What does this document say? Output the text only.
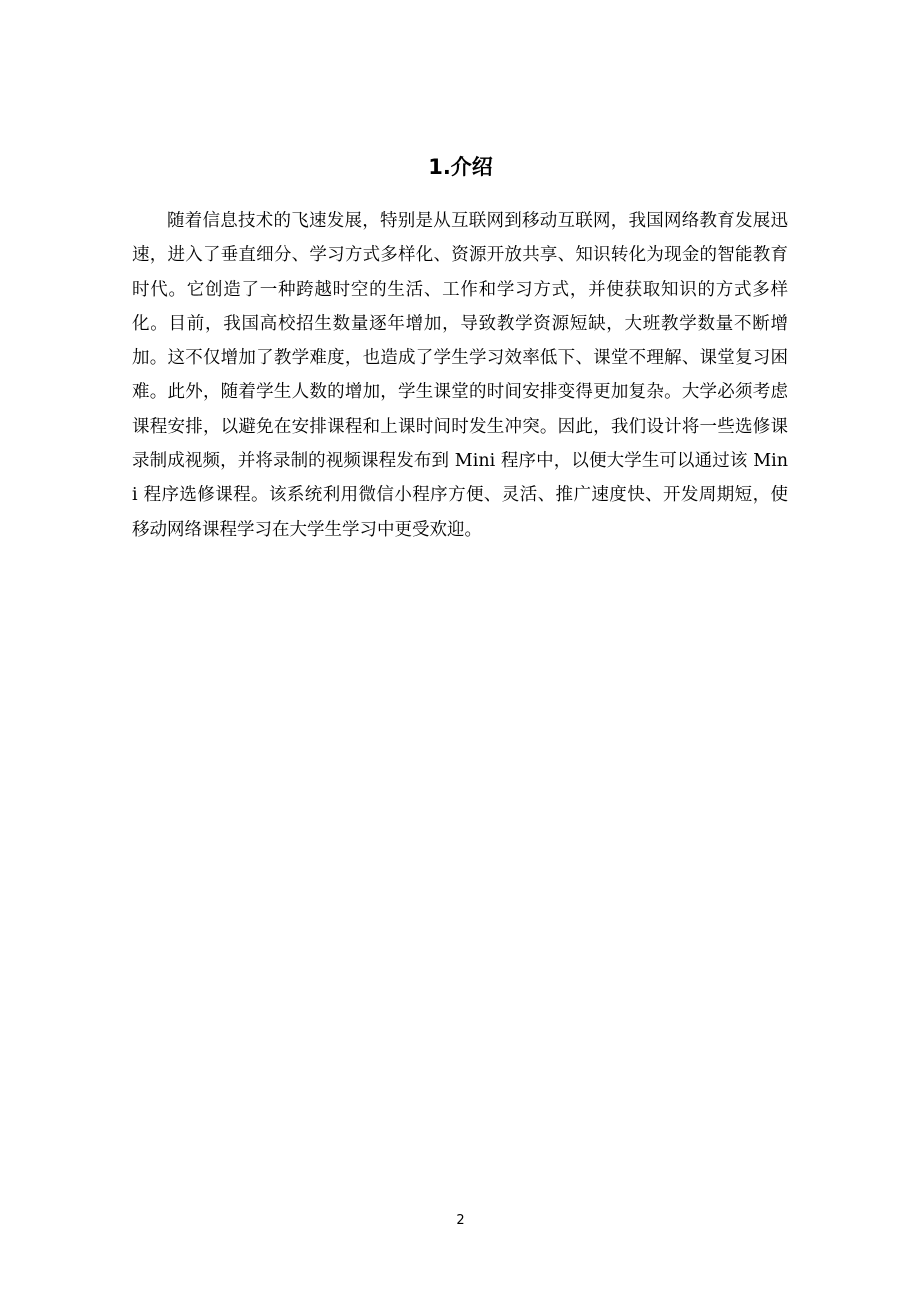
1.介绍

随着信息技术的飞速发展，特别是从互联网到移动互联网，我国网络教育发展迅速，进入了垂直细分、学习方式多样化、资源开放共享、知识转化为现金的智能教育时代。它创造了一种跨越时空的生活、工作和学习方式，并使获取知识的方式多样化。目前，我国高校招生数量逐年增加，导致教学资源短缺，大班教学数量不断增加。这不仅增加了教学难度，也造成了学生学习效率低下、课堂不理解、课堂复习困难。此外，随着学生人数的增加，学生课堂的时间安排变得更加复杂。大学必须考虑课程安排，以避免在安排课程和上课时间时发生冲突。因此，我们设计将一些选修课录制成视频，并将录制的视频课程发布到 Mini 程序中，以便大学生可以通过该 Mini 程序选修课程。该系统利用微信小程序方便、灵活、推广速度快、开发周期短，使移动网络课程学习在大学生学习中更受欢迎。

2
